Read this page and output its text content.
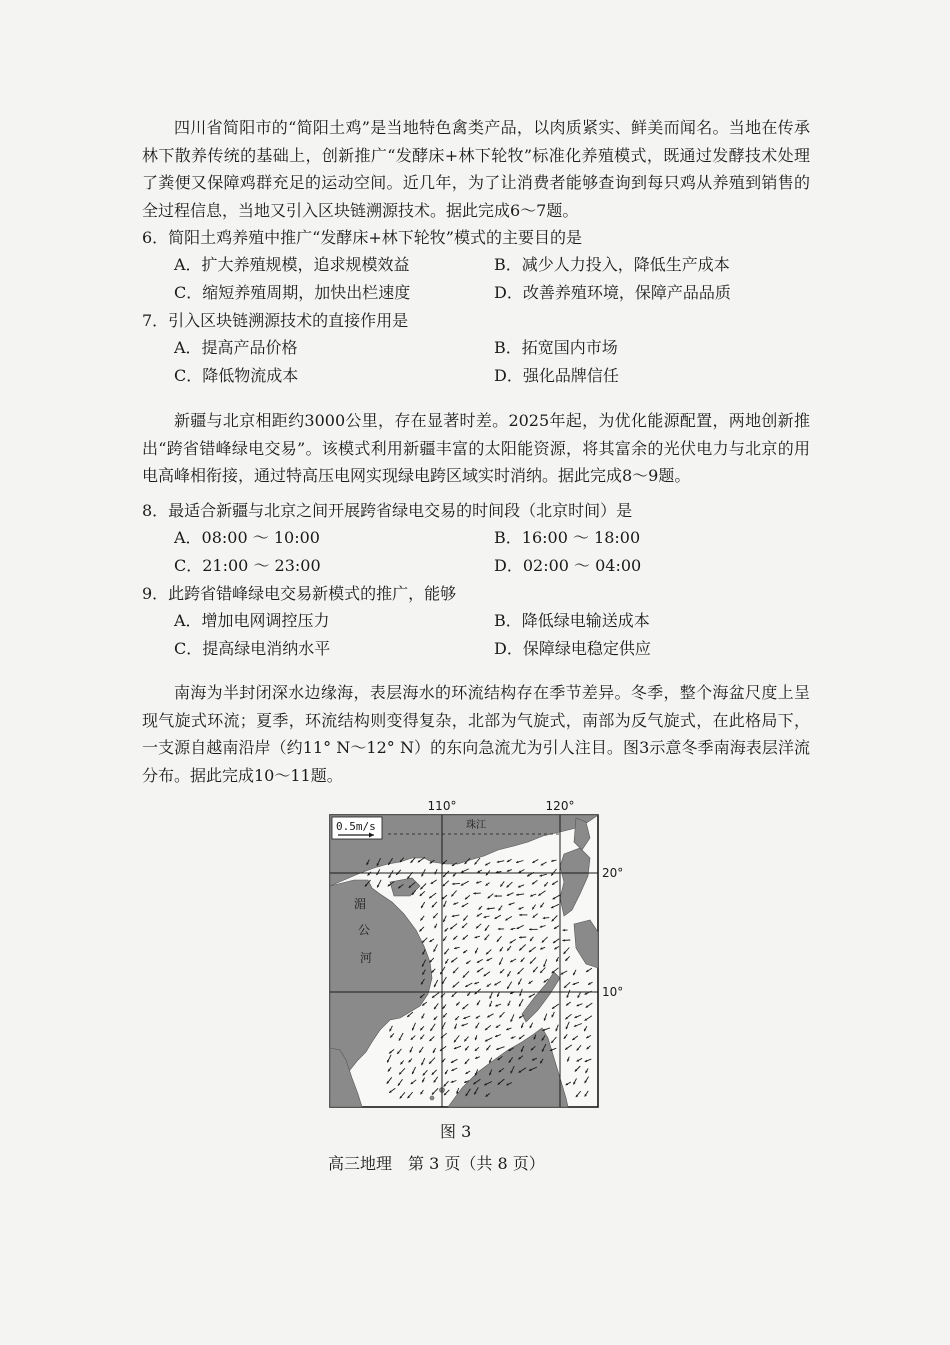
四川省简阳市的“简阳土鸡”是当地特色禽类产品，以肉质紧实、鲜美而闻名。当地在传承林下散养传统的基础上，创新推广“发酵床+林下轮牧”标准化养殖模式，既通过发酵技术处理了粪便又保障鸡群充足的运动空间。近几年，为了让消费者能够查询到每只鸡从养殖到销售的全过程信息，当地又引入区块链溯源技术。据此完成6～7题。

6．简阳土鸡养殖中推广“发酵床+林下轮牧”模式的主要目的是
A．扩大养殖规模，追求规模效益	B．减少人力投入，降低生产成本
C．缩短养殖周期，加快出栏速度	D．改善养殖环境，保障产品品质
7．引入区块链溯源技术的直接作用是
A．提高产品价格	B．拓宽国内市场
C．降低物流成本	D．强化品牌信任

新疆与北京相距约3000公里，存在显著时差。2025年起，为优化能源配置，两地创新推出“跨省错峰绿电交易”。该模式利用新疆丰富的太阳能资源，将其富余的光伏电力与北京的用电高峰相衔接，通过特高压电网实现绿电跨区域实时消纳。据此完成8～9题。

8．最适合新疆与北京之间开展跨省绿电交易的时间段（北京时间）是
A．08:00 ～ 10:00	B．16:00 ～ 18:00
C．21:00 ～ 23:00	D．02:00 ～ 04:00
9．此跨省错峰绿电交易新模式的推广，能够
A．增加电网调控压力	B．降低绿电输送成本
C．提高绿电消纳水平	D．保障绿电稳定供应

南海为半封闭深水边缘海，表层海水的环流结构存在季节差异。冬季，整个海盆尺度上呈现气旋式环流；夏季，环流结构则变得复杂，北部为气旋式，南部为反气旋式，在此格局下，一支源自越南沿岸（约11° N～12° N）的东向急流尤为引人注目。图3示意冬季南海表层洋流分布。据此完成10～11题。

110°	120°
20°
10°
0.5m/s	珠江
湄
公
河
图 3
高三地理　第 3 页（共 8 页）
